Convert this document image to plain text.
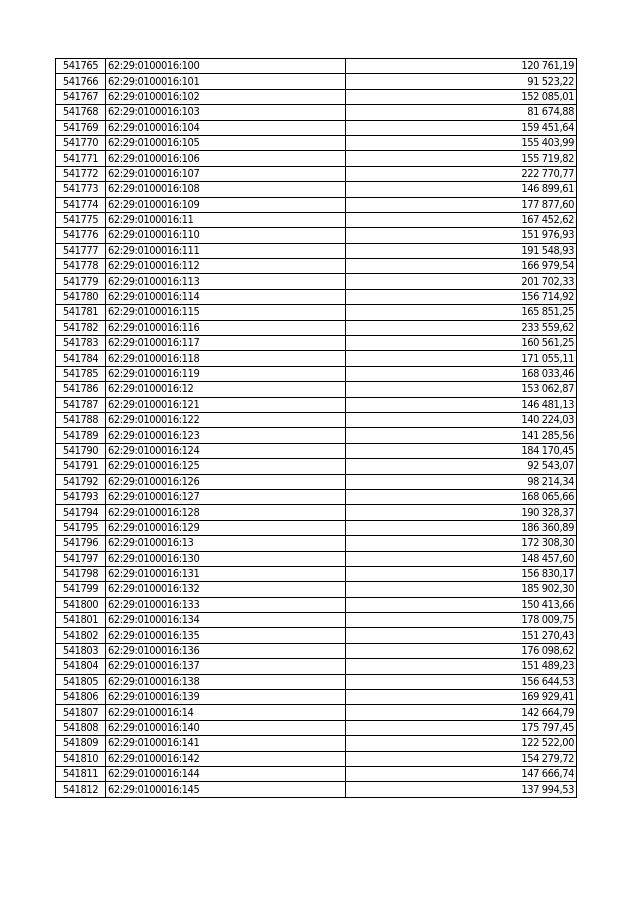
541765	62:29:0100016:100	120 761,19
541766	62:29:0100016:101	91 523,22
541767	62:29:0100016:102	152 085,01
541768	62:29:0100016:103	81 674,88
541769	62:29:0100016:104	159 451,64
541770	62:29:0100016:105	155 403,99
541771	62:29:0100016:106	155 719,82
541772	62:29:0100016:107	222 770,77
541773	62:29:0100016:108	146 899,61
541774	62:29:0100016:109	177 877,60
541775	62:29:0100016:11	167 452,62
541776	62:29:0100016:110	151 976,93
541777	62:29:0100016:111	191 548,93
541778	62:29:0100016:112	166 979,54
541779	62:29:0100016:113	201 702,33
541780	62:29:0100016:114	156 714,92
541781	62:29:0100016:115	165 851,25
541782	62:29:0100016:116	233 559,62
541783	62:29:0100016:117	160 561,25
541784	62:29:0100016:118	171 055,11
541785	62:29:0100016:119	168 033,46
541786	62:29:0100016:12	153 062,87
541787	62:29:0100016:121	146 481,13
541788	62:29:0100016:122	140 224,03
541789	62:29:0100016:123	141 285,56
541790	62:29:0100016:124	184 170,45
541791	62:29:0100016:125	92 543,07
541792	62:29:0100016:126	98 214,34
541793	62:29:0100016:127	168 065,66
541794	62:29:0100016:128	190 328,37
541795	62:29:0100016:129	186 360,89
541796	62:29:0100016:13	172 308,30
541797	62:29:0100016:130	148 457,60
541798	62:29:0100016:131	156 830,17
541799	62:29:0100016:132	185 902,30
541800	62:29:0100016:133	150 413,66
541801	62:29:0100016:134	178 009,75
541802	62:29:0100016:135	151 270,43
541803	62:29:0100016:136	176 098,62
541804	62:29:0100016:137	151 489,23
541805	62:29:0100016:138	156 644,53
541806	62:29:0100016:139	169 929,41
541807	62:29:0100016:14	142 664,79
541808	62:29:0100016:140	175 797,45
541809	62:29:0100016:141	122 522,00
541810	62:29:0100016:142	154 279,72
541811	62:29:0100016:144	147 666,74
541812	62:29:0100016:145	137 994,53
